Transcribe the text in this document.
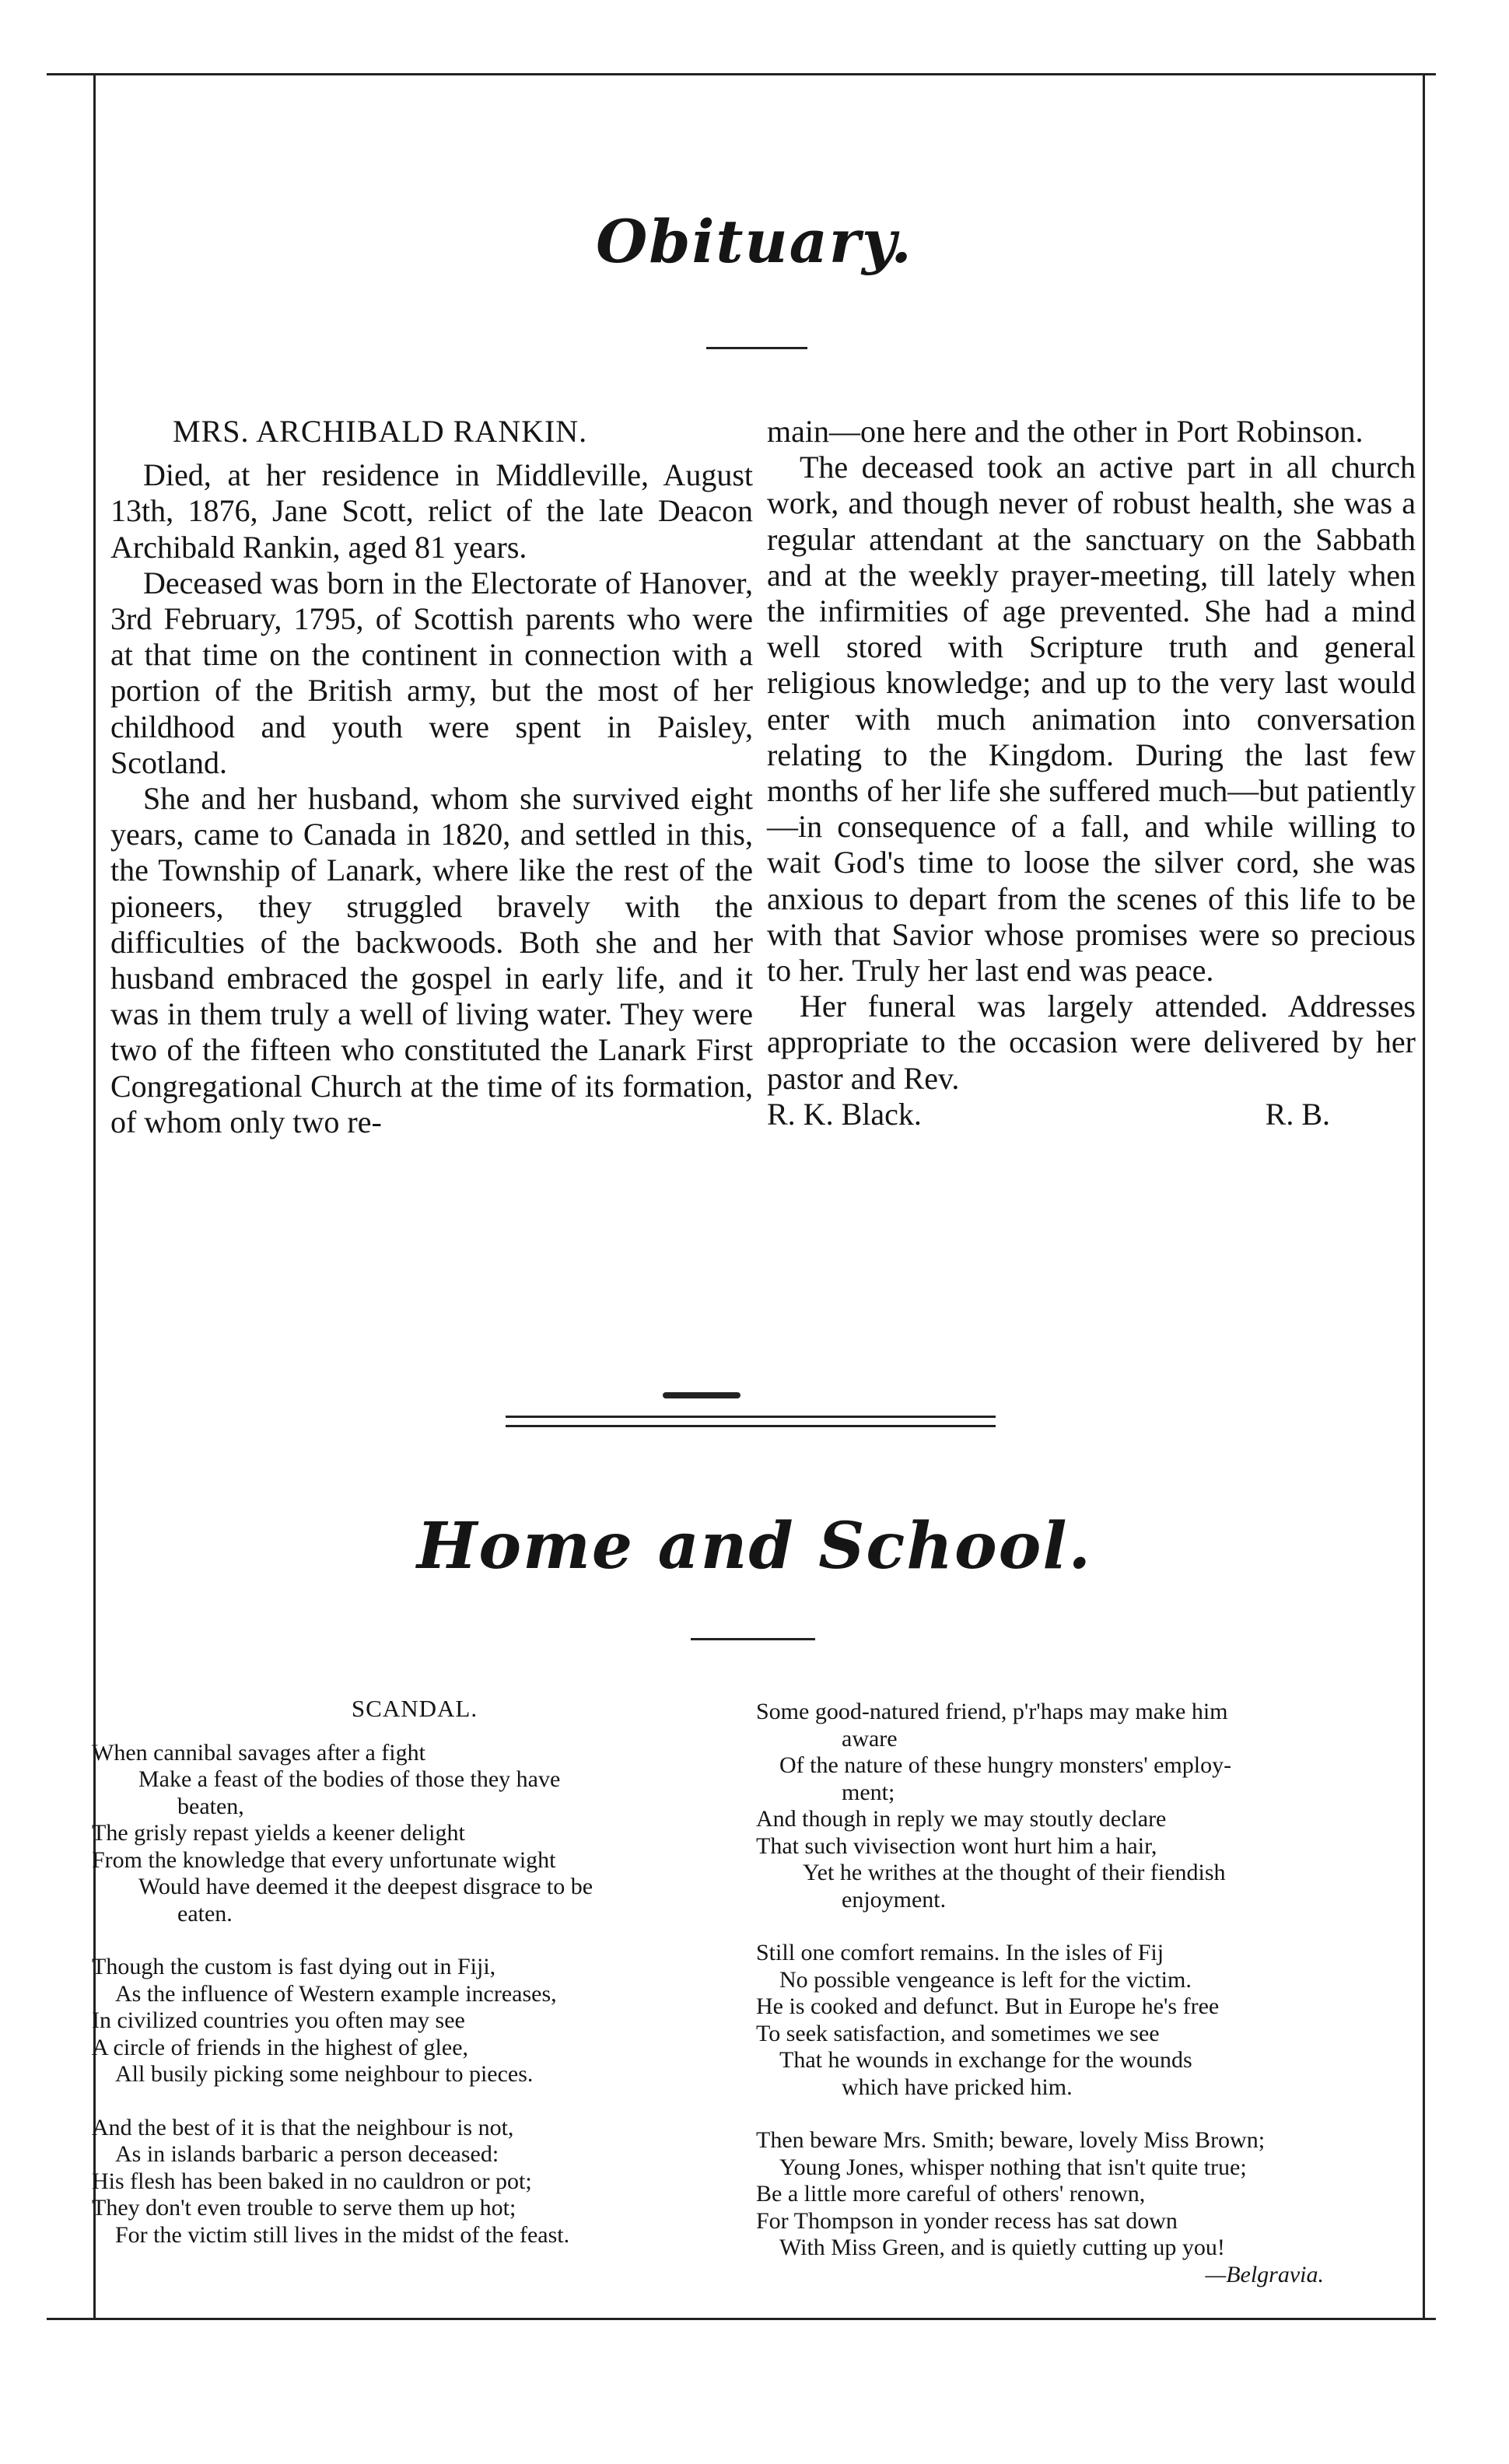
Obituary.

MRS. ARCHIBALD RANKIN.

Died, at her residence in Middleville, August 13th, 1876, Jane Scott, relict of the late Deacon Archibald Rankin, aged 81 years.

Deceased was born in the Electorate of Hanover, 3rd February, 1795, of Scottish parents who were at that time on the continent in connection with a portion of the British army, but the most of her childhood and youth were spent in Paisley, Scotland.

She and her husband, whom she survived eight years, came to Canada in 1820, and settled in this, the Township of Lanark, where like the rest of the pioneers, they struggled bravely with the difficulties of the backwoods. Both she and her husband embraced the gospel in early life, and it was in them truly a well of living water. They were two of the fifteen who constituted the Lanark First Congregational Church at the time of its formation, of whom only two re-

main—one here and the other in Port Robinson.

The deceased took an active part in all church work, and though never of robust health, she was a regular attendant at the sanctuary on the Sabbath and at the weekly prayer-meeting, till lately when the infirmities of age prevented. She had a mind well stored with Scripture truth and general religious knowledge; and up to the very last would enter with much animation into conversation relating to the Kingdom. During the last few months of her life she suffered much—but patiently—in consequence of a fall, and while willing to wait God's time to loose the silver cord, she was anxious to depart from the scenes of this life to be with that Savior whose promises were so precious to her. Truly her last end was peace.

Her funeral was largely attended. Addresses appropriate to the occasion were delivered by her pastor and Rev.

R. K. Black.	R. B.
Home and School.
SCANDAL.
When cannibal savages after a fight
Make a feast of the bodies of those they have
beaten,
The grisly repast yields a keener delight
From the knowledge that every unfortunate wight
Would have deemed it the deepest disgrace to be
eaten.
Though the custom is fast dying out in Fiji,
As the influence of Western example increases,
In civilized countries you often may see
A circle of friends in the highest of glee,
All busily picking some neighbour to pieces.
And the best of it is that the neighbour is not,
As in islands barbaric a person deceased:
His flesh has been baked in no cauldron or pot;
They don't even trouble to serve them up hot;
For the victim still lives in the midst of the feast.
Some good-natured friend, p'r'haps may make him
aware
Of the nature of these hungry monsters' employ-
ment;
And though in reply we may stoutly declare
That such vivisection wont hurt him a hair,
Yet he writhes at the thought of their fiendish
enjoyment.
Still one comfort remains. In the isles of Fij
No possible vengeance is left for the victim.
He is cooked and defunct. But in Europe he's free
To seek satisfaction, and sometimes we see
That he wounds in exchange for the wounds
which have pricked him.
Then beware Mrs. Smith; beware, lovely Miss Brown;
Young Jones, whisper nothing that isn't quite true;
Be a little more careful of others' renown,
For Thompson in yonder recess has sat down
With Miss Green, and is quietly cutting up you!
—Belgravia.
